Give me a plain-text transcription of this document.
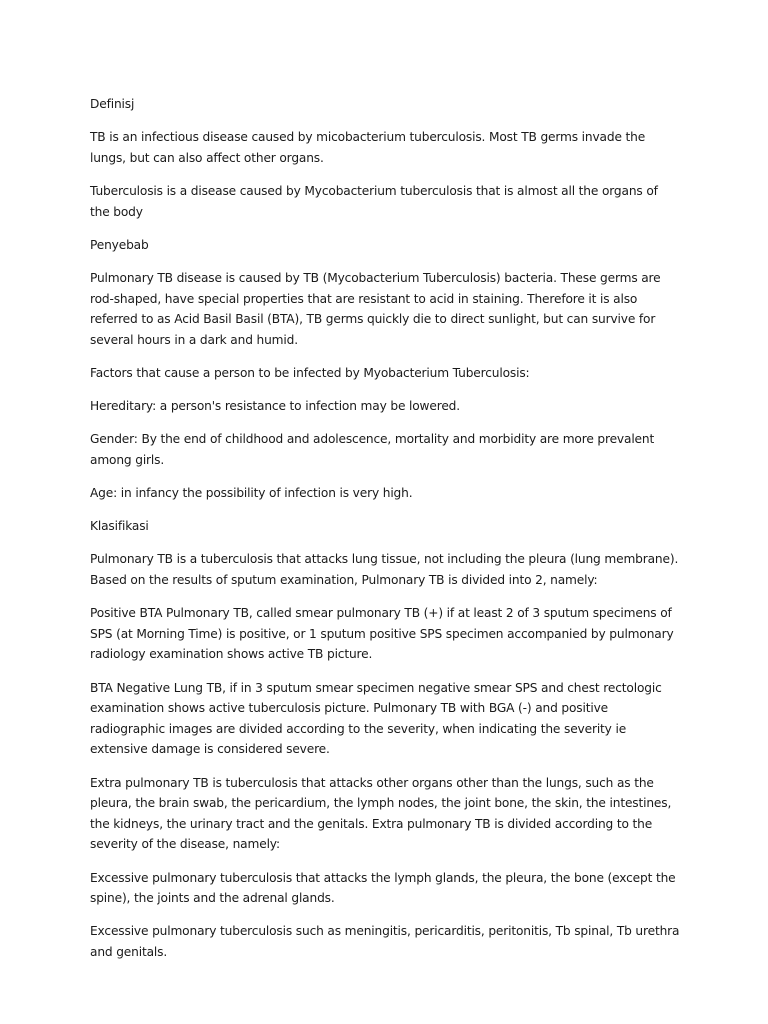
Definisj

TB is an infectious disease caused by micobacterium tuberculosis. Most TB germs invade the lungs, but can also affect other organs.

Tuberculosis is a disease caused by Mycobacterium tuberculosis that is almost all the organs of the body

Penyebab

Pulmonary TB disease is caused by TB (Mycobacterium Tuberculosis) bacteria. These germs are rod-shaped, have special properties that are resistant to acid in staining. Therefore it is also referred to as Acid Basil Basil (BTA), TB germs quickly die to direct sunlight, but can survive for several hours in a dark and humid.

Factors that cause a person to be infected by Myobacterium Tuberculosis:

Hereditary: a person's resistance to infection may be lowered.

Gender: By the end of childhood and adolescence, mortality and morbidity are more prevalent among girls.

Age: in infancy the possibility of infection is very high.

Klasifikasi

Pulmonary TB is a tuberculosis that attacks lung tissue, not including the pleura (lung membrane). Based on the results of sputum examination, Pulmonary TB is divided into 2, namely:

Positive BTA Pulmonary TB, called smear pulmonary TB (+) if at least 2 of 3 sputum specimens of SPS (at Morning Time) is positive, or 1 sputum positive SPS specimen accompanied by pulmonary radiology examination shows active TB picture.

BTA Negative Lung TB, if in 3 sputum smear specimen negative smear SPS and chest rectologic examination shows active tuberculosis picture. Pulmonary TB with BGA (-) and positive radiographic images are divided according to the severity, when indicating the severity ie extensive damage is considered severe.

Extra pulmonary TB is tuberculosis that attacks other organs other than the lungs, such as the pleura, the brain swab, the pericardium, the lymph nodes, the joint bone, the skin, the intestines, the kidneys, the urinary tract and the genitals. Extra pulmonary TB is divided according to the severity of the disease, namely:

Excessive pulmonary tuberculosis that attacks the lymph glands, the pleura, the bone (except the spine), the joints and the adrenal glands.

Excessive pulmonary tuberculosis such as meningitis, pericarditis, peritonitis, Tb spinal, Tb urethra and genitals.
